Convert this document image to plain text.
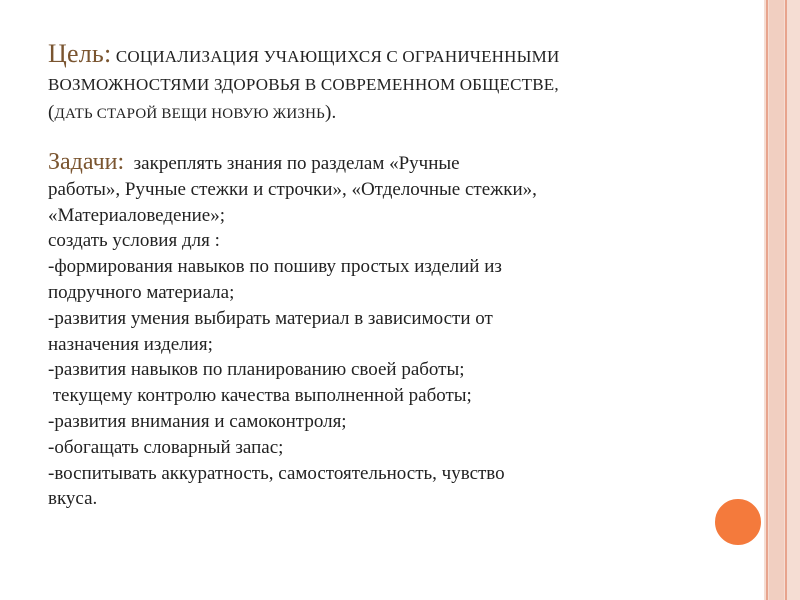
Цель: СОЦИАЛИЗАЦИЯ УЧАЮЩИХСЯ С ОГРАНИЧЕННЫМИ
ВОЗМОЖНОСТЯМИ ЗДОРОВЬЯ В СОВРЕМЕННОМ ОБЩЕСТВЕ,
(ДАТЬ СТАРОЙ ВЕЩИ НОВУЮ ЖИЗНЬ).
Задачи: закреплять знания по разделам «Ручные
работы», Ручные стежки и строчки», «Отделочные стежки»,
«Материаловедение»;
создать условия для :
-формирования навыков по пошиву простых изделий из
подручного материала;
-развития умения выбирать материал в зависимости от
назначения изделия;
-развития навыков по планированию своей работы;
текущему контролю качества выполненной работы;
-развития внимания и самоконтроля;
-обогащать словарный запас;
-воспитывать аккуратность, самостоятельность, чувство
вкуса.
